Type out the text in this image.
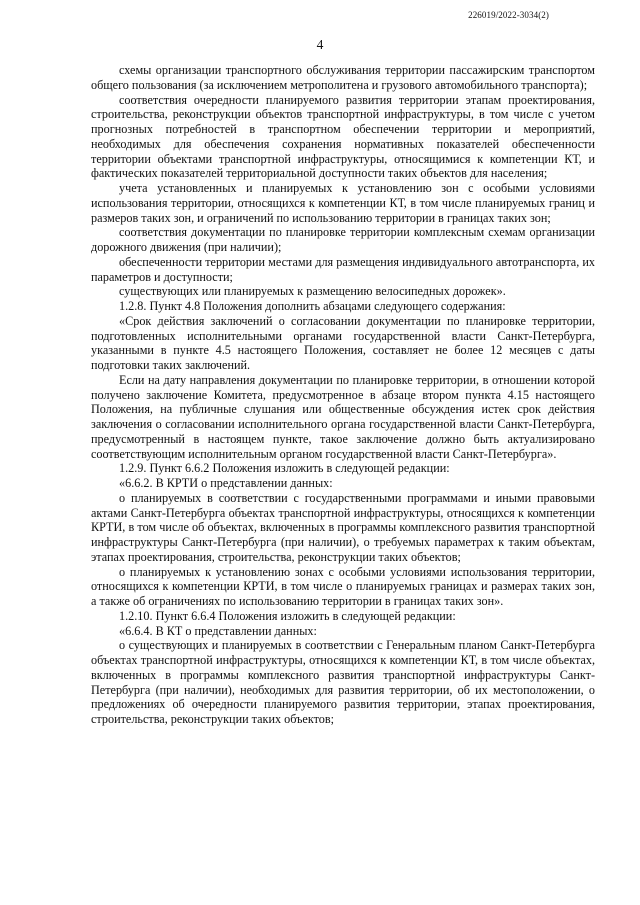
226019/2022-3034(2)
4

схемы организации транспортного обслуживания территории пассажирским транспортом общего пользования (за исключением метрополитена и грузового автомобильного транспорта);

соответствия очередности планируемого развития территории этапам проектирования, строительства, реконструкции объектов транспортной инфраструктуры, в том числе с учетом прогнозных потребностей в транспортном обеспечении территории и мероприятий, необходимых для обеспечения сохранения нормативных показателей обеспеченности территории объектами транспортной инфраструктуры, относящимися к компетенции КТ, и фактических показателей территориальной доступности таких объектов для населения;

учета установленных и планируемых к установлению зон с особыми условиями использования территории, относящихся к компетенции КТ, в том числе планируемых границ и размеров таких зон, и ограничений по использованию территории в границах таких зон;

соответствия документации по планировке территории комплексным схемам организации дорожного движения (при наличии);

обеспеченности территории местами для размещения индивидуального автотранспорта, их параметров и доступности;

существующих или планируемых к размещению велосипедных дорожек».

1.2.8. Пункт 4.8 Положения дополнить абзацами следующего содержания:

«Срок действия заключений о согласовании документации по планировке территории, подготовленных исполнительными органами государственной власти Санкт-Петербурга, указанными в пункте 4.5 настоящего Положения, составляет не более 12 месяцев с даты подготовки таких заключений.

Если на дату направления документации по планировке территории, в отношении которой получено заключение Комитета, предусмотренное в абзаце втором пункта 4.15 настоящего Положения, на публичные слушания или общественные обсуждения истек срок действия заключения о согласовании исполнительного органа государственной власти Санкт-Петербурга, предусмотренный в настоящем пункте, такое заключение должно быть актуализировано соответствующим исполнительным органом государственной власти Санкт-Петербурга».

1.2.9. Пункт 6.6.2 Положения изложить в следующей редакции:

«6.6.2. В КРТИ о представлении данных:

о планируемых в соответствии с государственными программами и иными правовыми актами Санкт-Петербурга объектах транспортной инфраструктуры, относящихся к компетенции КРТИ, в том числе об объектах, включенных в программы комплексного развития транспортной инфраструктуры Санкт-Петербурга (при наличии), о требуемых параметрах к таким объектам, этапах проектирования, строительства, реконструкции таких объектов;

о планируемых к установлению зонах с особыми условиями использования территории, относящихся к компетенции КРТИ, в том числе о планируемых границах и размерах таких зон, а также об ограничениях по использованию территории в границах таких зон».

1.2.10. Пункт 6.6.4 Положения изложить в следующей редакции:

«6.6.4. В КТ о представлении данных:

о существующих и планируемых в соответствии с Генеральным планом Санкт-Петербурга объектах транспортной инфраструктуры, относящихся к компетенции КТ, в том числе объектах, включенных в программы комплексного развития транспортной инфраструктуры Санкт-Петербурга (при наличии), необходимых для развития территории, об их местоположении, о предложениях об очередности планируемого развития территории, этапах проектирования, строительства, реконструкции таких объектов;
